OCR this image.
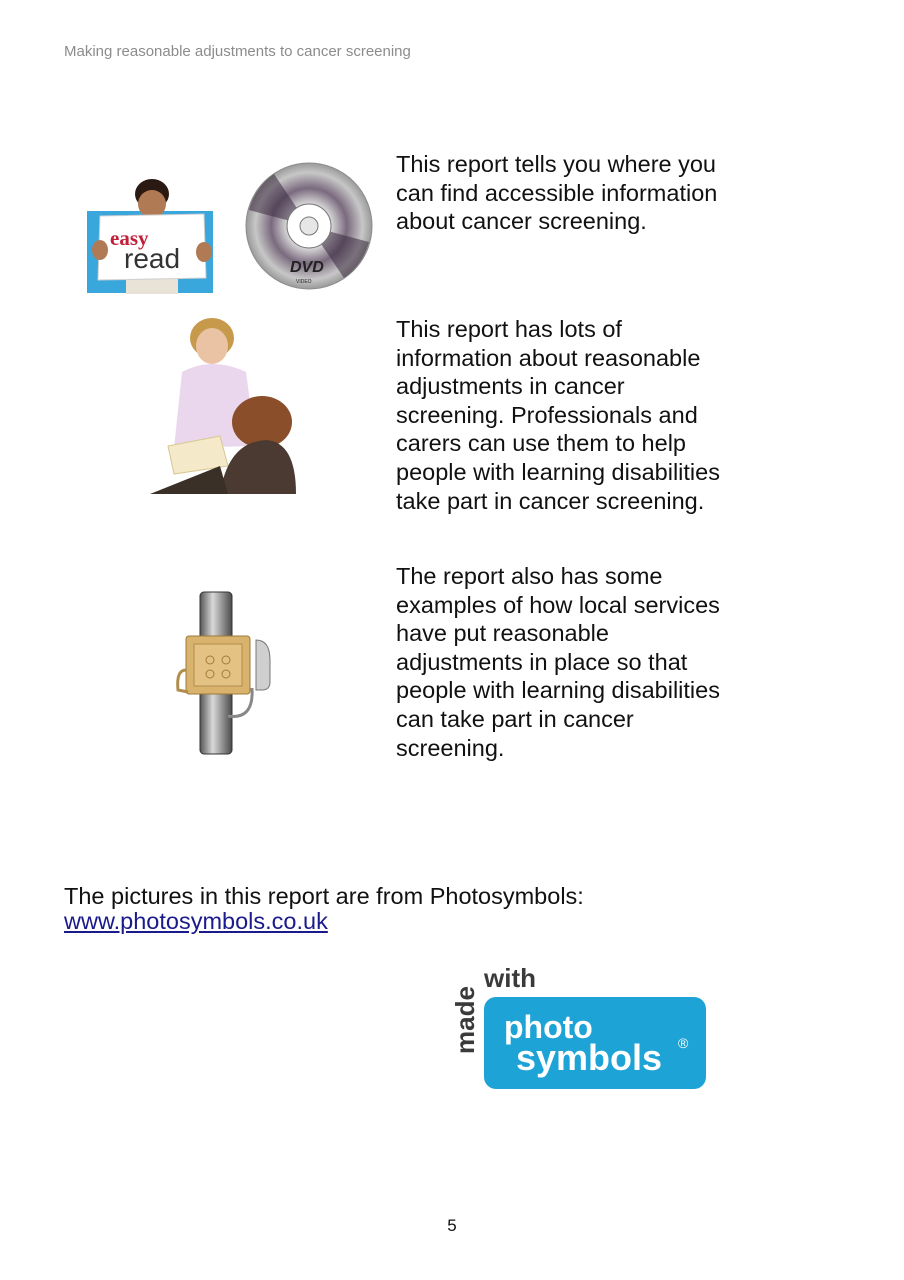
Making reasonable adjustments to cancer screening
easy
read	DVD
VIDEO
This report tells you where you
can find accessible information
about cancer screening.
This report has lots of
information about reasonable
adjustments in cancer
screening. Professionals and
carers can use them to help
people with learning disabilities
take part in cancer screening.
The report also has some
examples of how local services
have put reasonable
adjustments in place so that
people with learning disabilities
can take part in cancer
screening.
The pictures in this report are from Photosymbols:
www.photosymbols.co.uk
made
with
photo
symbols ®
5
